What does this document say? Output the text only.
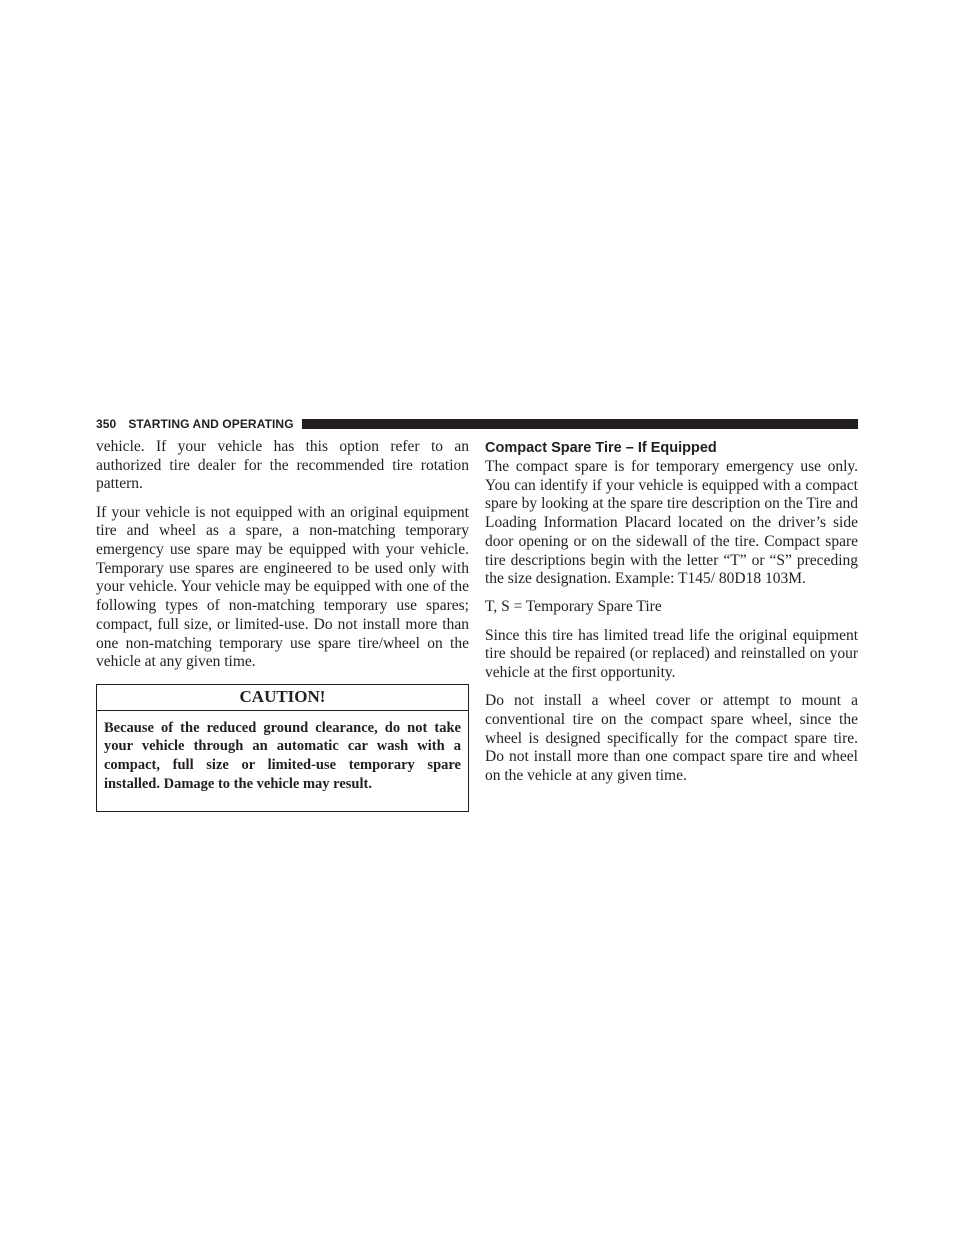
350 STARTING AND OPERATING

vehicle. If your vehicle has this option refer to an authorized tire dealer for the recommended tire rotation pattern.

If your vehicle is not equipped with an original equipment tire and wheel as a spare, a non-matching temporary emergency use spare may be equipped with your vehicle. Temporary use spares are engineered to be used only with your vehicle. Your vehicle may be equipped with one of the following types of non-matching temporary use spares; compact, full size, or limited-use. Do not install more than one non-matching temporary use spare tire/wheel on the vehicle at any given time.

CAUTION!

Because of the reduced ground clearance, do not take your vehicle through an automatic car wash with a compact, full size or limited-use temporary spare installed. Damage to the vehicle may result.

Compact Spare Tire – If Equipped

The compact spare is for temporary emergency use only. You can identify if your vehicle is equipped with a compact spare by looking at the spare tire description on the Tire and Loading Information Placard located on the driver’s side door opening or on the sidewall of the tire. Compact spare tire descriptions begin with the letter “T” or “S” preceding the size designation. Example: T145/ 80D18 103M.

T, S = Temporary Spare Tire

Since this tire has limited tread life the original equipment tire should be repaired (or replaced) and reinstalled on your vehicle at the first opportunity.

Do not install a wheel cover or attempt to mount a conventional tire on the compact spare wheel, since the wheel is designed specifically for the compact spare tire. Do not install more than one compact spare tire and wheel on the vehicle at any given time.
